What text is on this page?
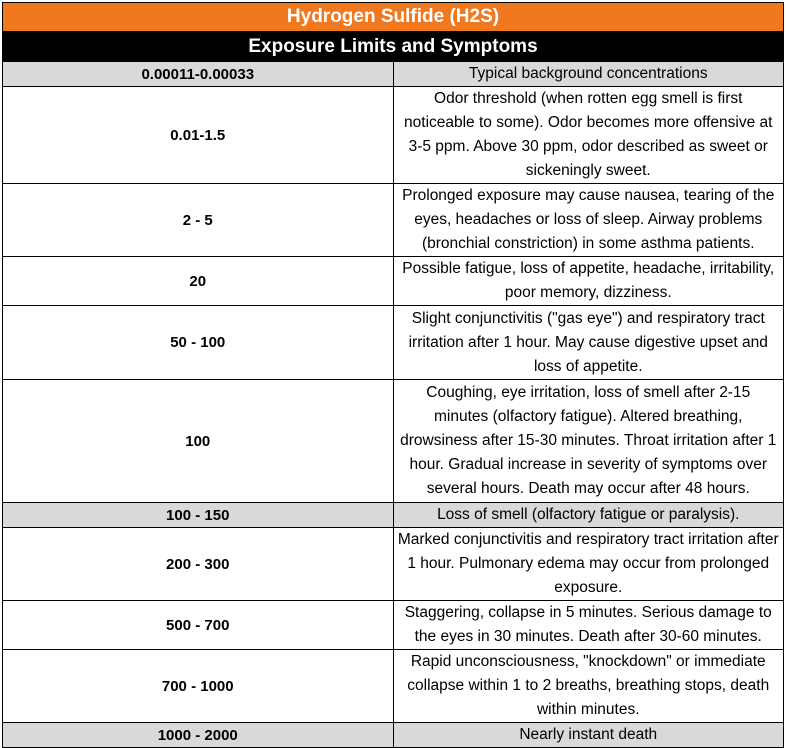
Hydrogen Sulfide (H2S)	
Exposure Limits and Symptoms	
0.00011-0.00033	Typical background concentrations
0.01-1.5	Odor threshold (when rotten egg smell is first noticeable to some). Odor becomes more offensive at 3-5 ppm. Above 30 ppm, odor described as sweet or sickeningly sweet.
2 - 5	Prolonged exposure may cause nausea, tearing of the eyes, headaches or loss of sleep. Airway problems (bronchial constriction) in some asthma patients.
20	Possible fatigue, loss of appetite, headache, irritability, poor memory, dizziness.
50 - 100	Slight conjunctivitis ("gas eye") and respiratory tract irritation after 1 hour. May cause digestive upset and loss of appetite.
100	Coughing, eye irritation, loss of smell after 2-15 minutes (olfactory fatigue). Altered breathing, drowsiness after 15-30 minutes. Throat irritation after 1 hour. Gradual increase in severity of symptoms over several hours. Death may occur after 48 hours.
100 - 150	Loss of smell (olfactory fatigue or paralysis).
200 - 300	Marked conjunctivitis and respiratory tract irritation after 1 hour. Pulmonary edema may occur from prolonged exposure.
500 - 700	Staggering, collapse in 5 minutes. Serious damage to the eyes in 30 minutes. Death after 30-60 minutes.
700 - 1000	Rapid unconsciousness, "knockdown" or immediate collapse within 1 to 2 breaths, breathing stops, death within minutes.
1000 - 2000	Nearly instant death
